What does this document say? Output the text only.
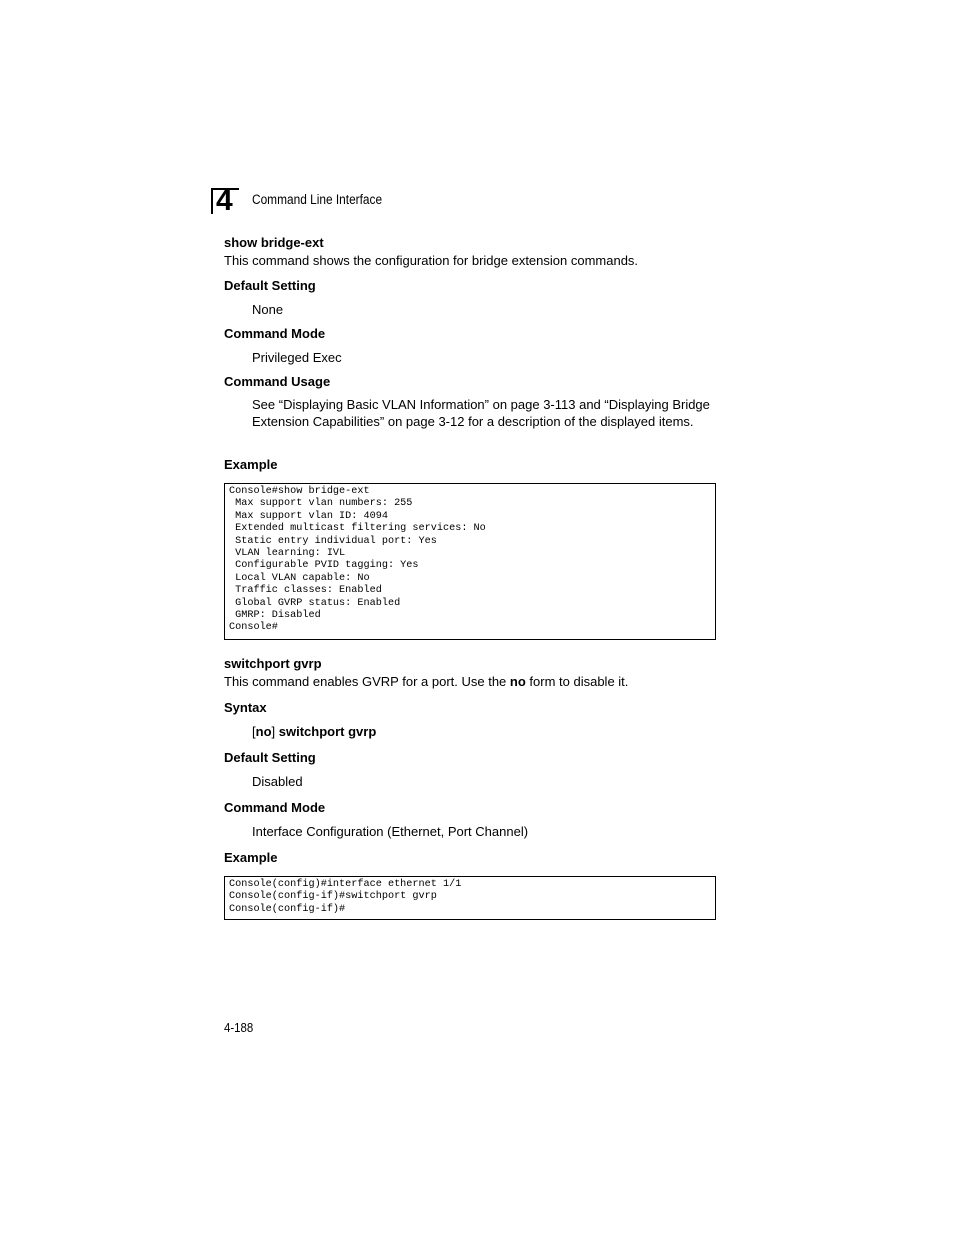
4 Command Line Interface
show bridge-ext
This command shows the configuration for bridge extension commands.
Default Setting
None
Command Mode
Privileged Exec
Command Usage
See “Displaying Basic VLAN Information” on page 3-113 and “Displaying Bridge Extension Capabilities” on page 3-12 for a description of the displayed items.
Example
Console#show bridge-ext
Max support vlan numbers: 255
Max support vlan ID: 4094
Extended multicast filtering services: No
Static entry individual port: Yes
VLAN learning: IVL
Configurable PVID tagging: Yes
Local VLAN capable: No
Traffic classes: Enabled
Global GVRP status: Enabled
GMRP: Disabled
Console#
switchport gvrp
This command enables GVRP for a port. Use the no form to disable it.
Syntax
[no] switchport gvrp
Default Setting
Disabled
Command Mode
Interface Configuration (Ethernet, Port Channel)
Example
Console(config)#interface ethernet 1/1
Console(config-if)#switchport gvrp
Console(config-if)#
4-188
